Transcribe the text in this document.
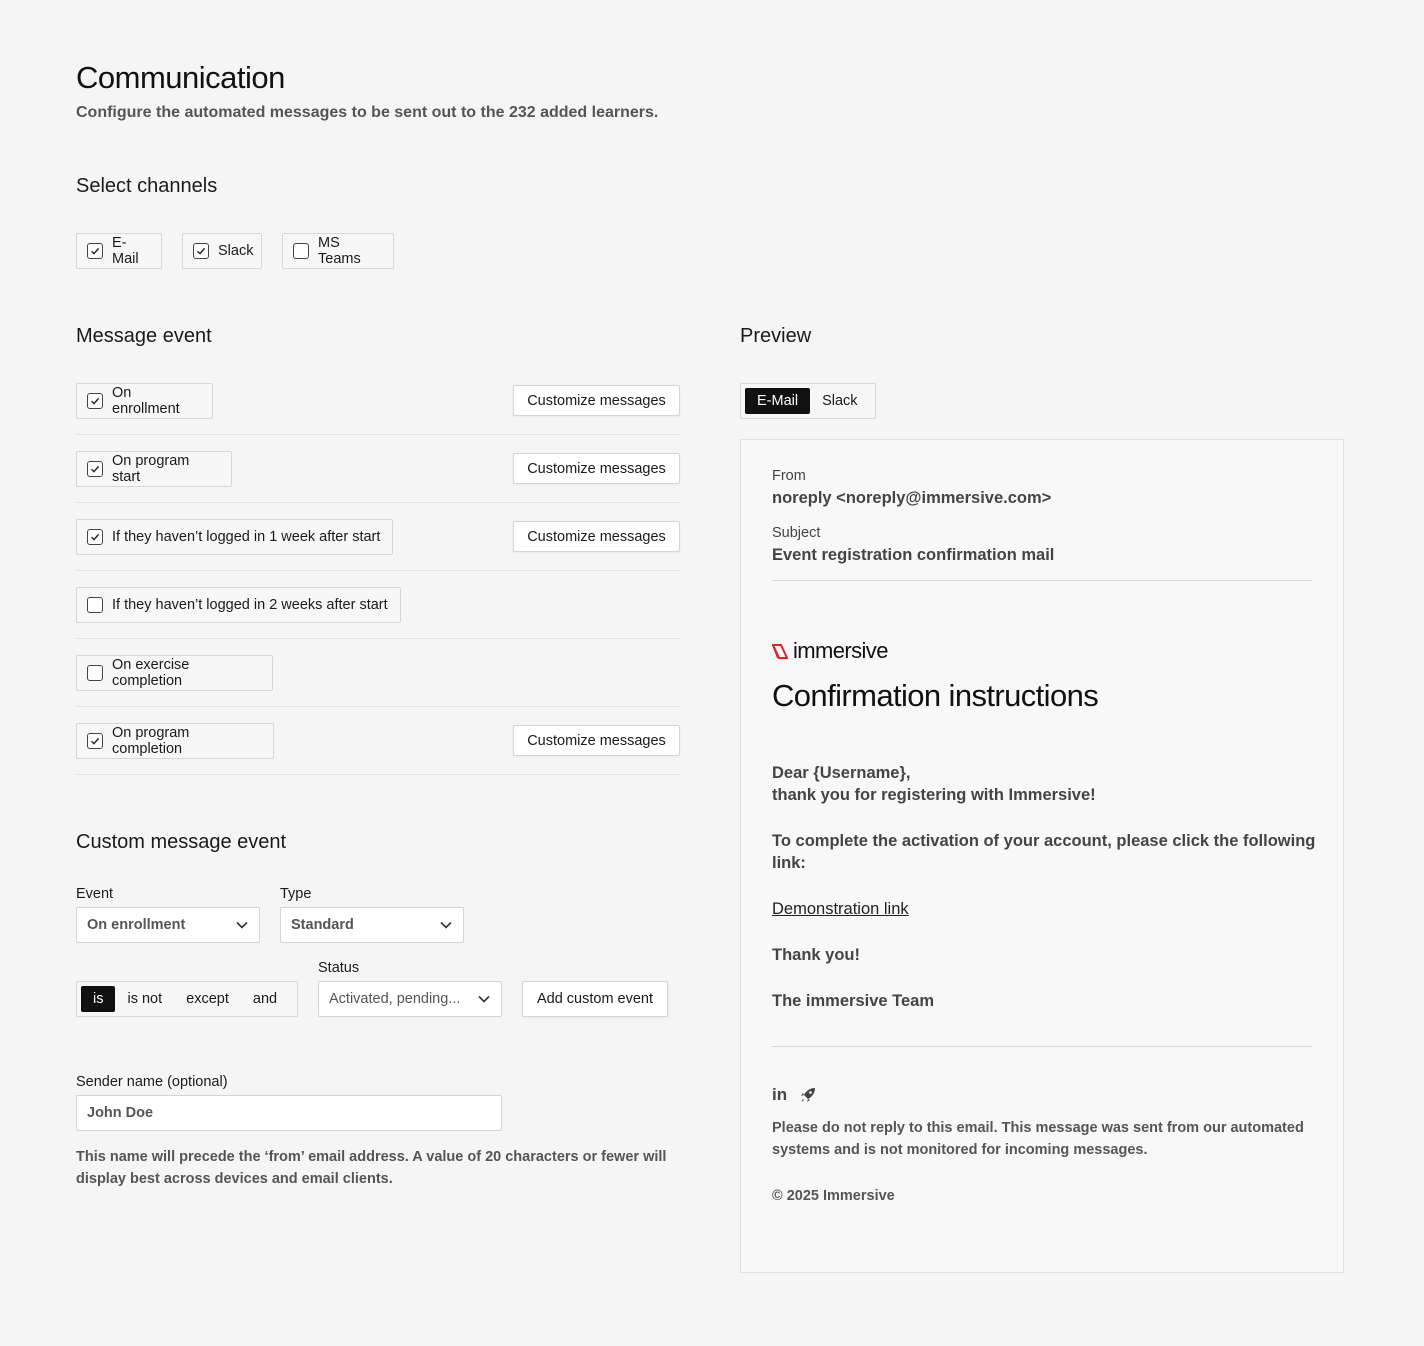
Communication
Configure the automated messages to be sent out to the 232 added learners.
Select channels
E-Mail	Slack	MS Teams
Message event
On enrollment
Customize messages
On program start
Customize messages
If they haven’t logged in 1 week after start	Customize messages
If they haven’t logged in 2 weeks after start
On exercise completion
On program completion
Customize messages
Custom message event
Event
On enrollment
Type
Standard
is	is not	except	and
Status
Activated, pending...	Add custom event
Sender name (optional)
John Doe
This name will precede the ‘from’ email address. A value of 20 characters or fewer will display best across devices and email clients.
Preview
E-Mail	Slack
From
noreply <noreply@immersive.com>
Subject
Event registration confirmation mail
immersive
Confirmation instructions
Dear {Username},
thank you for registering with Immersive!
To complete the activation of your account, please click the following link:
Demonstration link
Thank you!
The immersive Team
in
Please do not reply to this email. This message was sent from our automated systems and is not monitored for incoming messages.
© 2025 Immersive
